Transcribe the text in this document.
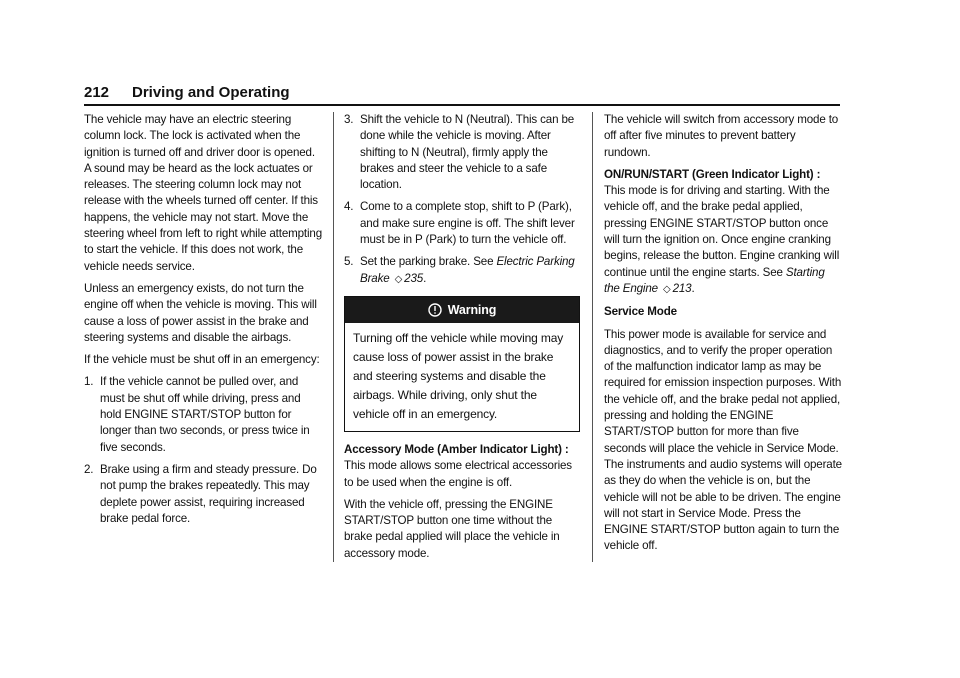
212 Driving and Operating

The vehicle may have an electric steering column lock. The lock is activated when the ignition is turned off and driver door is opened. A sound may be heard as the lock actuates or releases. The steering column lock may not release with the wheels turned off center. If this happens, the vehicle may not start. Move the steering wheel from left to right while attempting to start the vehicle. If this does not work, the vehicle needs service.

Unless an emergency exists, do not turn the engine off when the vehicle is moving. This will cause a loss of power assist in the brake and steering systems and disable the airbags.

If the vehicle must be shut off in an emergency:

1. If the vehicle cannot be pulled over, and must be shut off while driving, press and hold ENGINE START/STOP button for longer than two seconds, or press twice in five seconds.
2. Brake using a firm and steady pressure. Do not pump the brakes repeatedly. This may deplete power assist, requiring increased brake pedal force.
3. Shift the vehicle to N (Neutral). This can be done while the vehicle is moving. After shifting to N (Neutral), firmly apply the brakes and steer the vehicle to a safe location.
4. Come to a complete stop, shift to P (Park), and make sure engine is off. The shift lever must be in P (Park) to turn the vehicle off.
5. Set the parking brake. See Electric Parking Brake ◇ 235.
Warning
Turning off the vehicle while moving may cause loss of power assist in the brake and steering systems and disable the airbags. While driving, only shut the vehicle off in an emergency.

Accessory Mode (Amber Indicator Light) : This mode allows some electrical accessories to be used when the engine is off.

With the vehicle off, pressing the ENGINE START/STOP button one time without the brake pedal applied will place the vehicle in accessory mode.

The vehicle will switch from accessory mode to off after five minutes to prevent battery rundown.

ON/RUN/START (Green Indicator Light) : This mode is for driving and starting. With the vehicle off, and the brake pedal applied, pressing ENGINE START/STOP button once will turn the ignition on. Once engine cranking begins, release the button. Engine cranking will continue until the engine starts. See Starting the Engine ◇ 213.

Service Mode

This power mode is available for service and diagnostics, and to verify the proper operation of the malfunction indicator lamp as may be required for emission inspection purposes. With the vehicle off, and the brake pedal not applied, pressing and holding the ENGINE START/STOP button for more than five seconds will place the vehicle in Service Mode. The instruments and audio systems will operate as they do when the vehicle is on, but the vehicle will not be able to be driven. The engine will not start in Service Mode. Press the ENGINE START/STOP button again to turn the vehicle off.
